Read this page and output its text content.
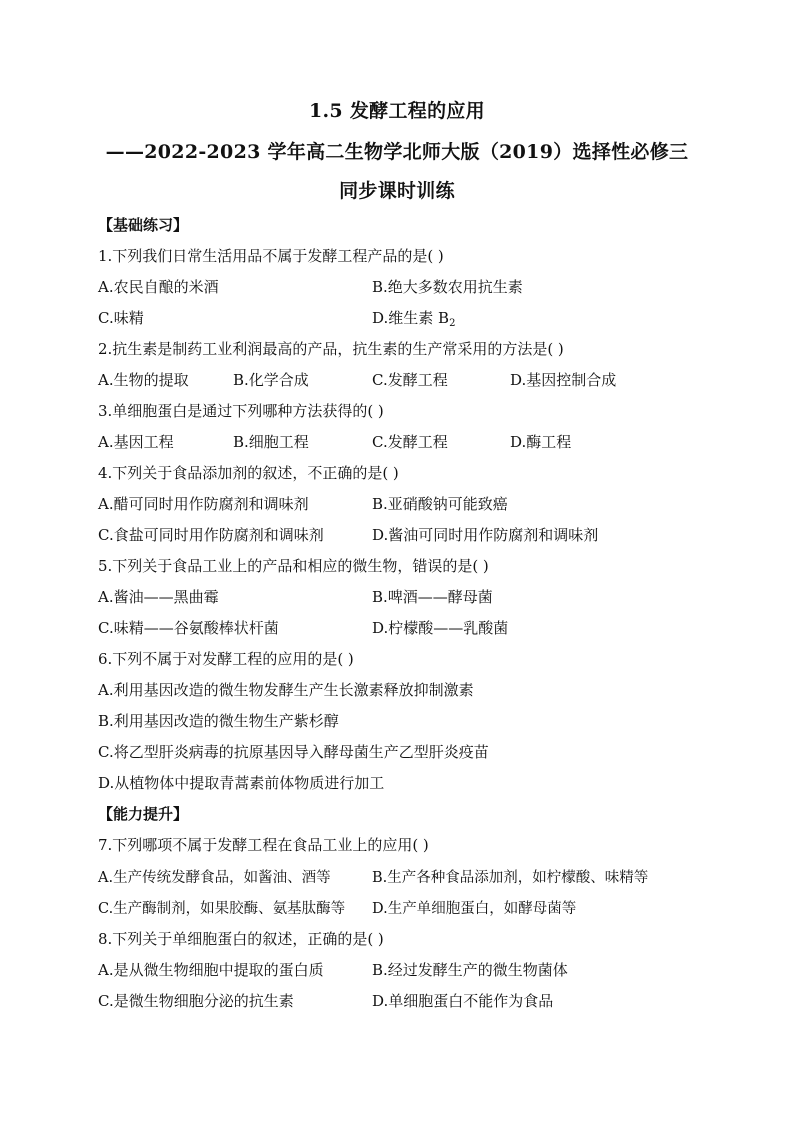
1.5 发酵工程的应用
——2022-2023 学年高二生物学北师大版（2019）选择性必修三
同步课时训练
【基础练习】
1.下列我们日常生活用品不属于发酵工程产品的是( )
A.农民自酿的米酒	B.绝大多数农用抗生素
C.味精	D.维生素 $B_2$
2.抗生素是制药工业利润最高的产品，抗生素的生产常采用的方法是( )
A.生物的提取	B.化学合成	C.发酵工程	D.基因控制合成
3.单细胞蛋白是通过下列哪种方法获得的( )
A.基因工程	B.细胞工程	C.发酵工程	D.酶工程
4.下列关于食品添加剂的叙述，不正确的是( )
A.醋可同时用作防腐剂和调味剂	B.亚硝酸钠可能致癌
C.食盐可同时用作防腐剂和调味剂	D.酱油可同时用作防腐剂和调味剂
5.下列关于食品工业上的产品和相应的微生物，错误的是( )
A.酱油——黑曲霉	B.啤酒——酵母菌
C.味精——谷氨酸棒状杆菌	D.柠檬酸——乳酸菌
6.下列不属于对发酵工程的应用的是( )
A.利用基因改造的微生物发酵生产生长激素释放抑制激素
B.利用基因改造的微生物生产紫杉醇
C.将乙型肝炎病毒的抗原基因导入酵母菌生产乙型肝炎疫苗
D.从植物体中提取青蒿素前体物质进行加工
【能力提升】
7.下列哪项不属于发酵工程在食品工业上的应用( )
A.生产传统发酵食品，如酱油、酒等	B.生产各种食品添加剂，如柠檬酸、味精等
C.生产酶制剂，如果胶酶、氨基肽酶等 D.生产单细胞蛋白，如酵母菌等
8.下列关于单细胞蛋白的叙述，正确的是( )
A.是从微生物细胞中提取的蛋白质	B.经过发酵生产的微生物菌体
C.是微生物细胞分泌的抗生素	D.单细胞蛋白不能作为食品
